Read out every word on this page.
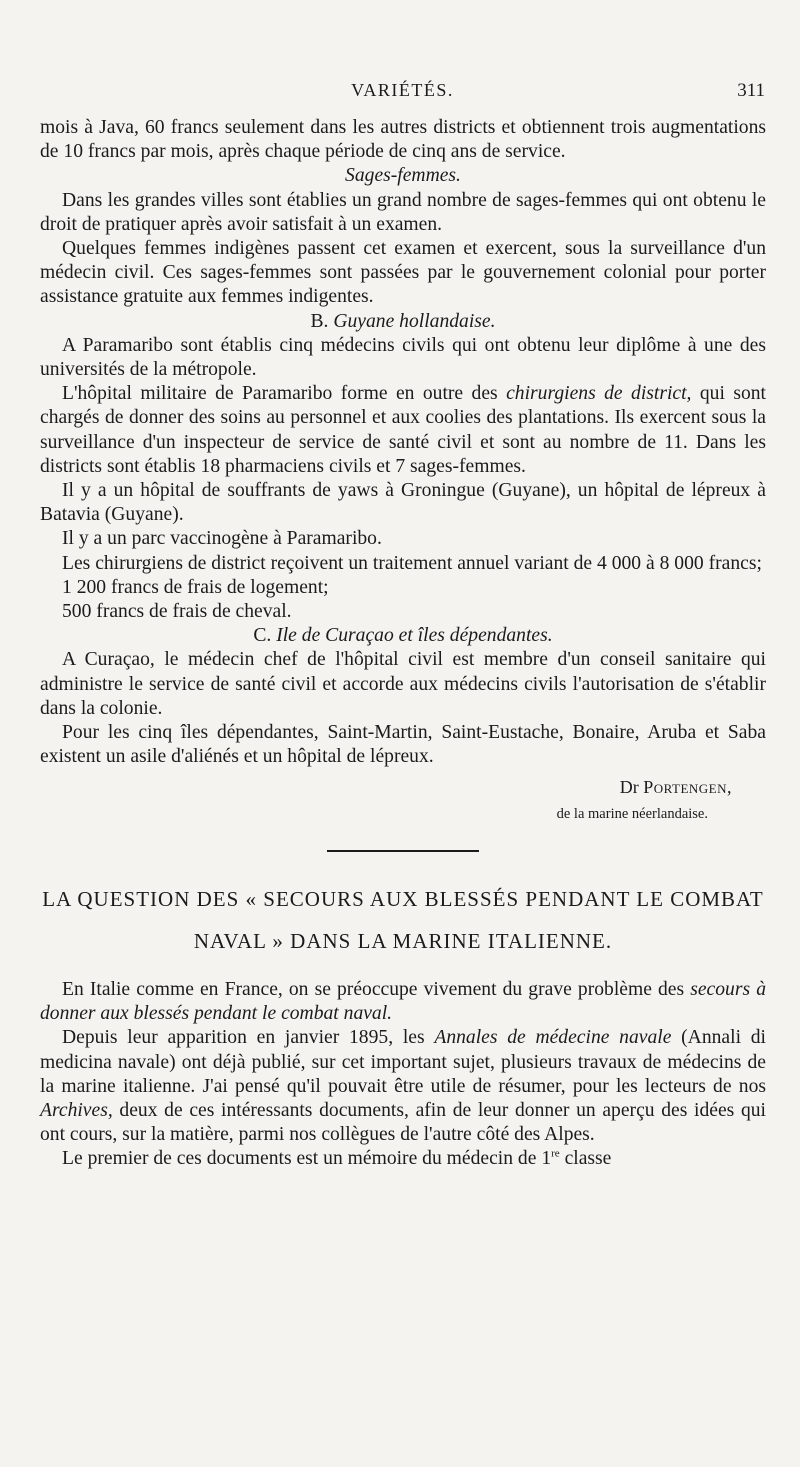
VARIÉTÉS.	311

mois à Java, 60 francs seulement dans les autres districts et obtiennent trois augmentations de 10 francs par mois, après chaque période de cinq ans de service.

Sages-femmes.

Dans les grandes villes sont établies un grand nombre de sages-femmes qui ont obtenu le droit de pratiquer après avoir satisfait à un examen.

Quelques femmes indigènes passent cet examen et exercent, sous la surveillance d'un médecin civil. Ces sages-femmes sont passées par le gouvernement colonial pour porter assistance gratuite aux femmes indigentes.

B. Guyane hollandaise.

A Paramaribo sont établis cinq médecins civils qui ont obtenu leur diplôme à une des universités de la métropole.

L'hôpital militaire de Paramaribo forme en outre des chirurgiens de district, qui sont chargés de donner des soins au personnel et aux coolies des plantations. Ils exercent sous la surveillance d'un inspecteur de service de santé civil et sont au nombre de 11. Dans les districts sont établis 18 pharmaciens civils et 7 sages-femmes.

Il y a un hôpital de souffrants de yaws à Groningue (Guyane), un hôpital de lépreux à Batavia (Guyane).

Il y a un parc vaccinogène à Paramaribo.

Les chirurgiens de district reçoivent un traitement annuel variant de 4 000 à 8 000 francs;

1 200 francs de frais de logement;
500 francs de frais de cheval.
C. Ile de Curaçao et îles dépendantes.

A Curaçao, le médecin chef de l'hôpital civil est membre d'un conseil sanitaire qui administre le service de santé civil et accorde aux médecins civils l'autorisation de s'établir dans la colonie.

Pour les cinq îles dépendantes, Saint-Martin, Saint-Eustache, Bonaire, Aruba et Saba existent un asile d'aliénés et un hôpital de lépreux.

Dr Portengen,
de la marine néerlandaise.
LA QUESTION DES « SECOURS AUX BLESSÉS PENDANT LE COMBAT NAVAL » DANS LA MARINE ITALIENNE.

En Italie comme en France, on se préoccupe vivement du grave problème des secours à donner aux blessés pendant le combat naval.

Depuis leur apparition en janvier 1895, les Annales de médecine navale (Annali di medicina navale) ont déjà publié, sur cet important sujet, plusieurs travaux de médecins de la marine italienne. J'ai pensé qu'il pouvait être utile de résumer, pour les lecteurs de nos Archives, deux de ces intéressants documents, afin de leur donner un aperçu des idées qui ont cours, sur la matière, parmi nos collègues de l'autre côté des Alpes.

Le premier de ces documents est un mémoire du médecin de 1re classe
